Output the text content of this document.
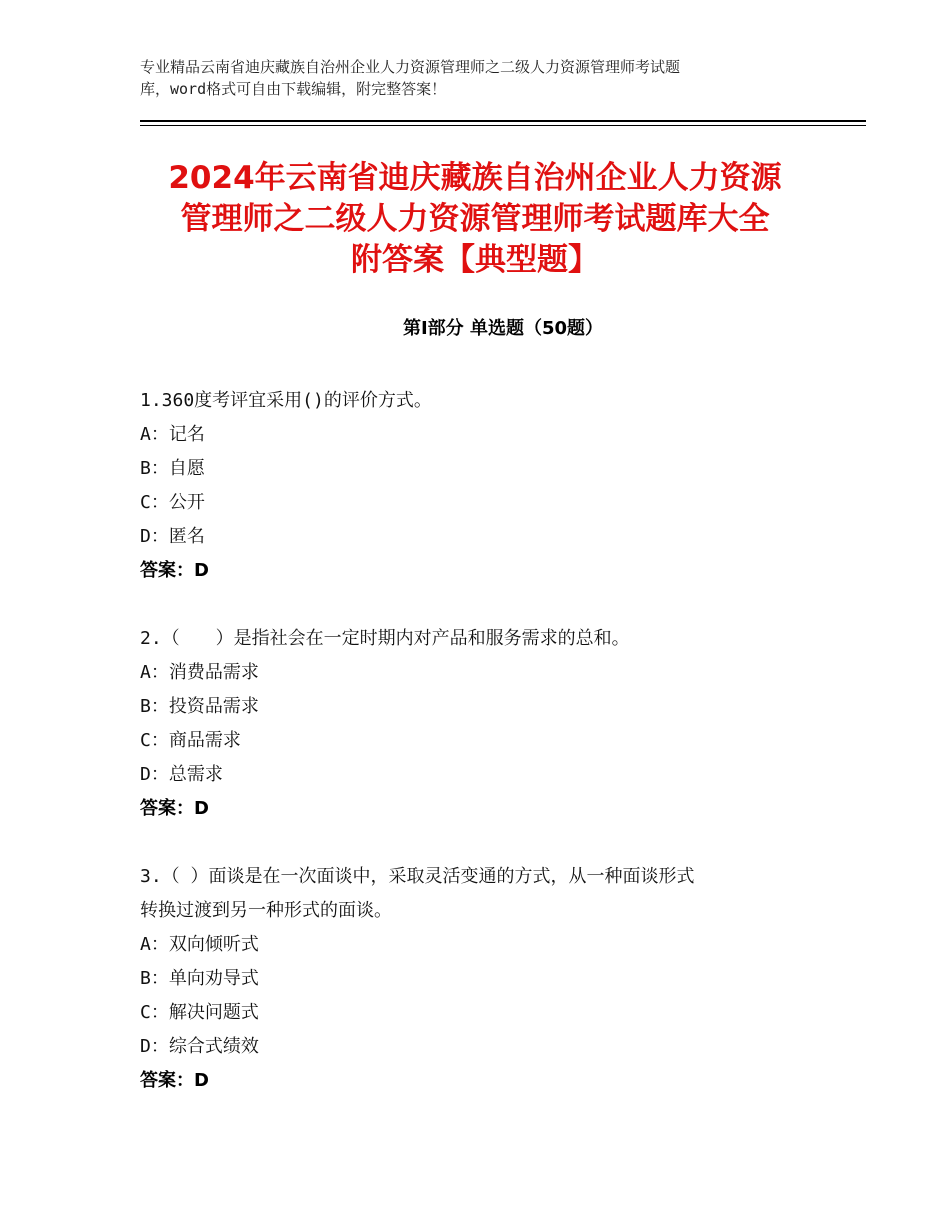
专业精品云南省迪庆藏族自治州企业人力资源管理师之二级人力资源管理师考试题
库，word格式可自由下载编辑，附完整答案！
2024年云南省迪庆藏族自治州企业人力资源
管理师之二级人力资源管理师考试题库大全
附答案【典型题】
第Ⅰ部分 单选题（50题）
1.360度考评宜采用()的评价方式。
A：记名
B：自愿
C：公开
D：匿名
答案：D
2.（　　）是指社会在一定时期内对产品和服务需求的总和。
A：消费品需求
B：投资品需求
C：商品需求
D：总需求
答案：D
3.（ ）面谈是在一次面谈中，采取灵活变通的方式，从一种面谈形式
转换过渡到另一种形式的面谈。
A：双向倾听式
B：单向劝导式
C：解决问题式
D：综合式绩效
答案：D
